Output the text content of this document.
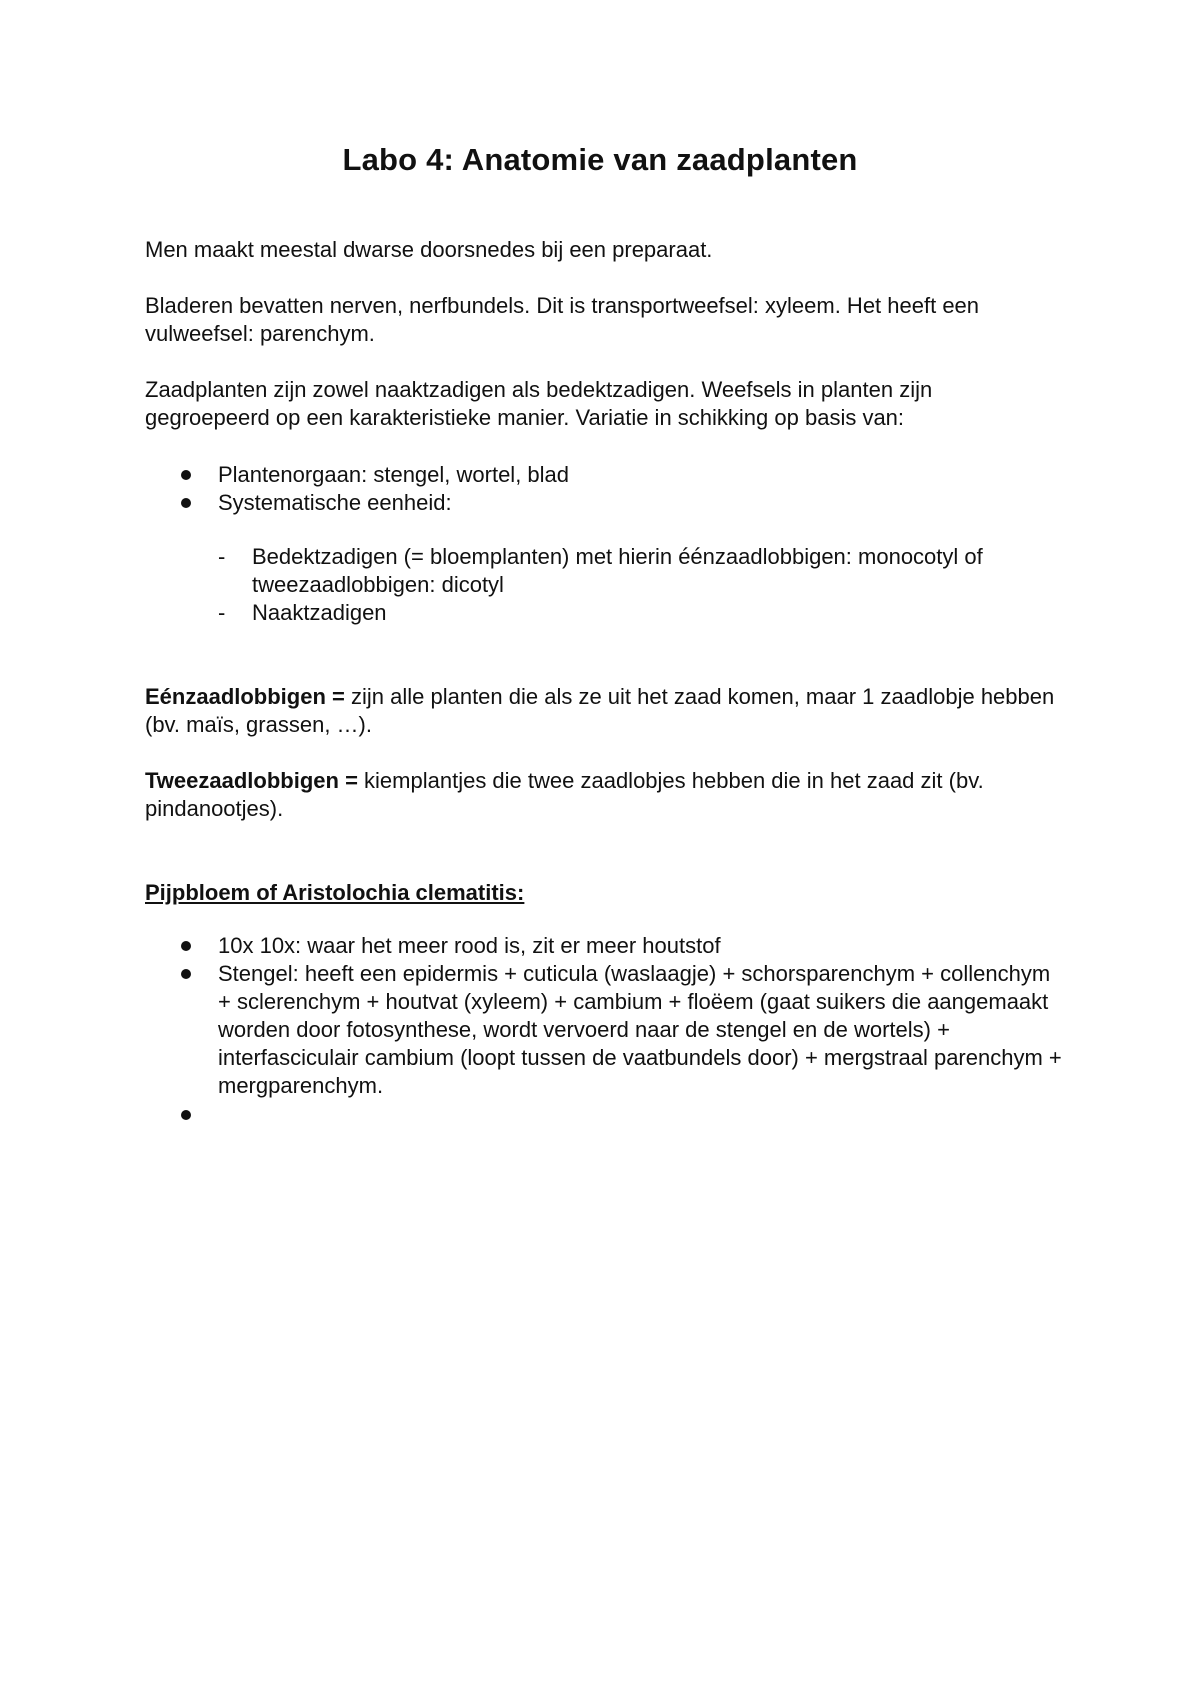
Labo 4: Anatomie van zaadplanten

Men maakt meestal dwarse doorsnedes bij een preparaat.

Bladeren bevatten nerven, nerfbundels. Dit is transportweefsel: xyleem. Het heeft een vulweefsel: parenchym.

Zaadplanten zijn zowel naaktzadigen als bedektzadigen. Weefsels in planten zijn gegroepeerd op een karakteristieke manier. Variatie in schikking op basis van:

Plantenorgaan: stengel, wortel, blad

Systematische eenheid:

- Bedektzadigen (= bloemplanten) met hierin éénzaadlobbigen: monocotyl of tweezaadlobbigen: dicotyl

- Naaktzadigen

Eénzaadlobbigen = zijn alle planten die als ze uit het zaad komen, maar 1 zaadlobje hebben (bv. maïs, grassen, …).

Tweezaadlobbigen = kiemplantjes die twee zaadlobjes hebben die in het zaad zit (bv. pindanootjes).

Pijpbloem of Aristolochia clematitis:

10x 10x: waar het meer rood is, zit er meer houtstof

Stengel: heeft een epidermis + cuticula (waslaagje) + schorsparenchym + collenchym + sclerenchym + houtvat (xyleem) + cambium + floëem (gaat suikers die aangemaakt worden door fotosynthese, wordt vervoerd naar de stengel en de wortels) + interfasciculair cambium (loopt tussen de vaatbundels door) + mergstraal parenchym + mergparenchym.
